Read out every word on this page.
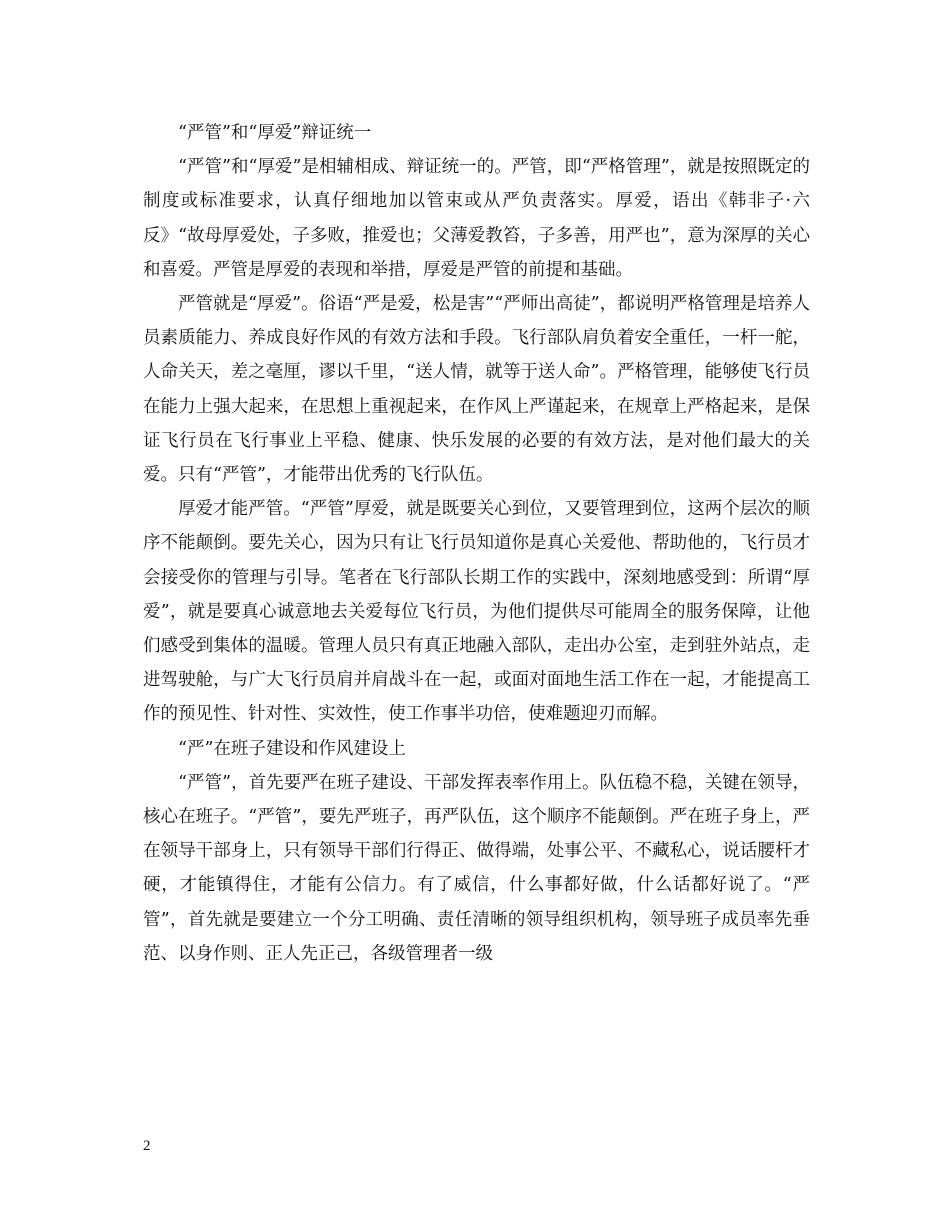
“严管”和“厚爱”辩证统一

“严管”和“厚爱”是相辅相成、辩证统一的。严管，即“严格管理”，就是按照既定的制度或标准要求，认真仔细地加以管束或从严负责落实。厚爱，语出《韩非子·六反》“故母厚爱处，子多败，推爱也；父薄爱教笞，子多善，用严也”，意为深厚的关心和喜爱。严管是厚爱的表现和举措，厚爱是严管的前提和基础。

严管就是“厚爱”。俗语“严是爱，松是害”“严师出高徒”，都说明严格管理是培养人员素质能力、养成良好作风的有效方法和手段。飞行部队肩负着安全重任，一杆一舵，人命关天，差之毫厘，谬以千里，“送人情，就等于送人命”。严格管理，能够使飞行员在能力上强大起来，在思想上重视起来，在作风上严谨起来，在规章上严格起来，是保证飞行员在飞行事业上平稳、健康、快乐发展的必要的有效方法，是对他们最大的关爱。只有“严管”，才能带出优秀的飞行队伍。

厚爱才能严管。“严管”厚爱，就是既要关心到位，又要管理到位，这两个层次的顺序不能颠倒。要先关心，因为只有让飞行员知道你是真心关爱他、帮助他的，飞行员才会接受你的管理与引导。笔者在飞行部队长期工作的实践中，深刻地感受到：所谓“厚爱”，就是要真心诚意地去关爱每位飞行员，为他们提供尽可能周全的服务保障，让他们感受到集体的温暖。管理人员只有真正地融入部队，走出办公室，走到驻外站点，走进驾驶舱，与广大飞行员肩并肩战斗在一起，或面对面地生活工作在一起，才能提高工作的预见性、针对性、实效性，使工作事半功倍，使难题迎刃而解。

“严”在班子建设和作风建设上

“严管”，首先要严在班子建设、干部发挥表率作用上。队伍稳不稳，关键在领导，核心在班子。“严管”，要先严班子，再严队伍，这个顺序不能颠倒。严在班子身上，严在领导干部身上，只有领导干部们行得正、做得端，处事公平、不藏私心，说话腰杆才硬，才能镇得住，才能有公信力。有了威信，什么事都好做，什么话都好说了。“严管”，首先就是要建立一个分工明确、责任清晰的领导组织机构，领导班子成员率先垂范、以身作则、正人先正己，各级管理者一级

2
